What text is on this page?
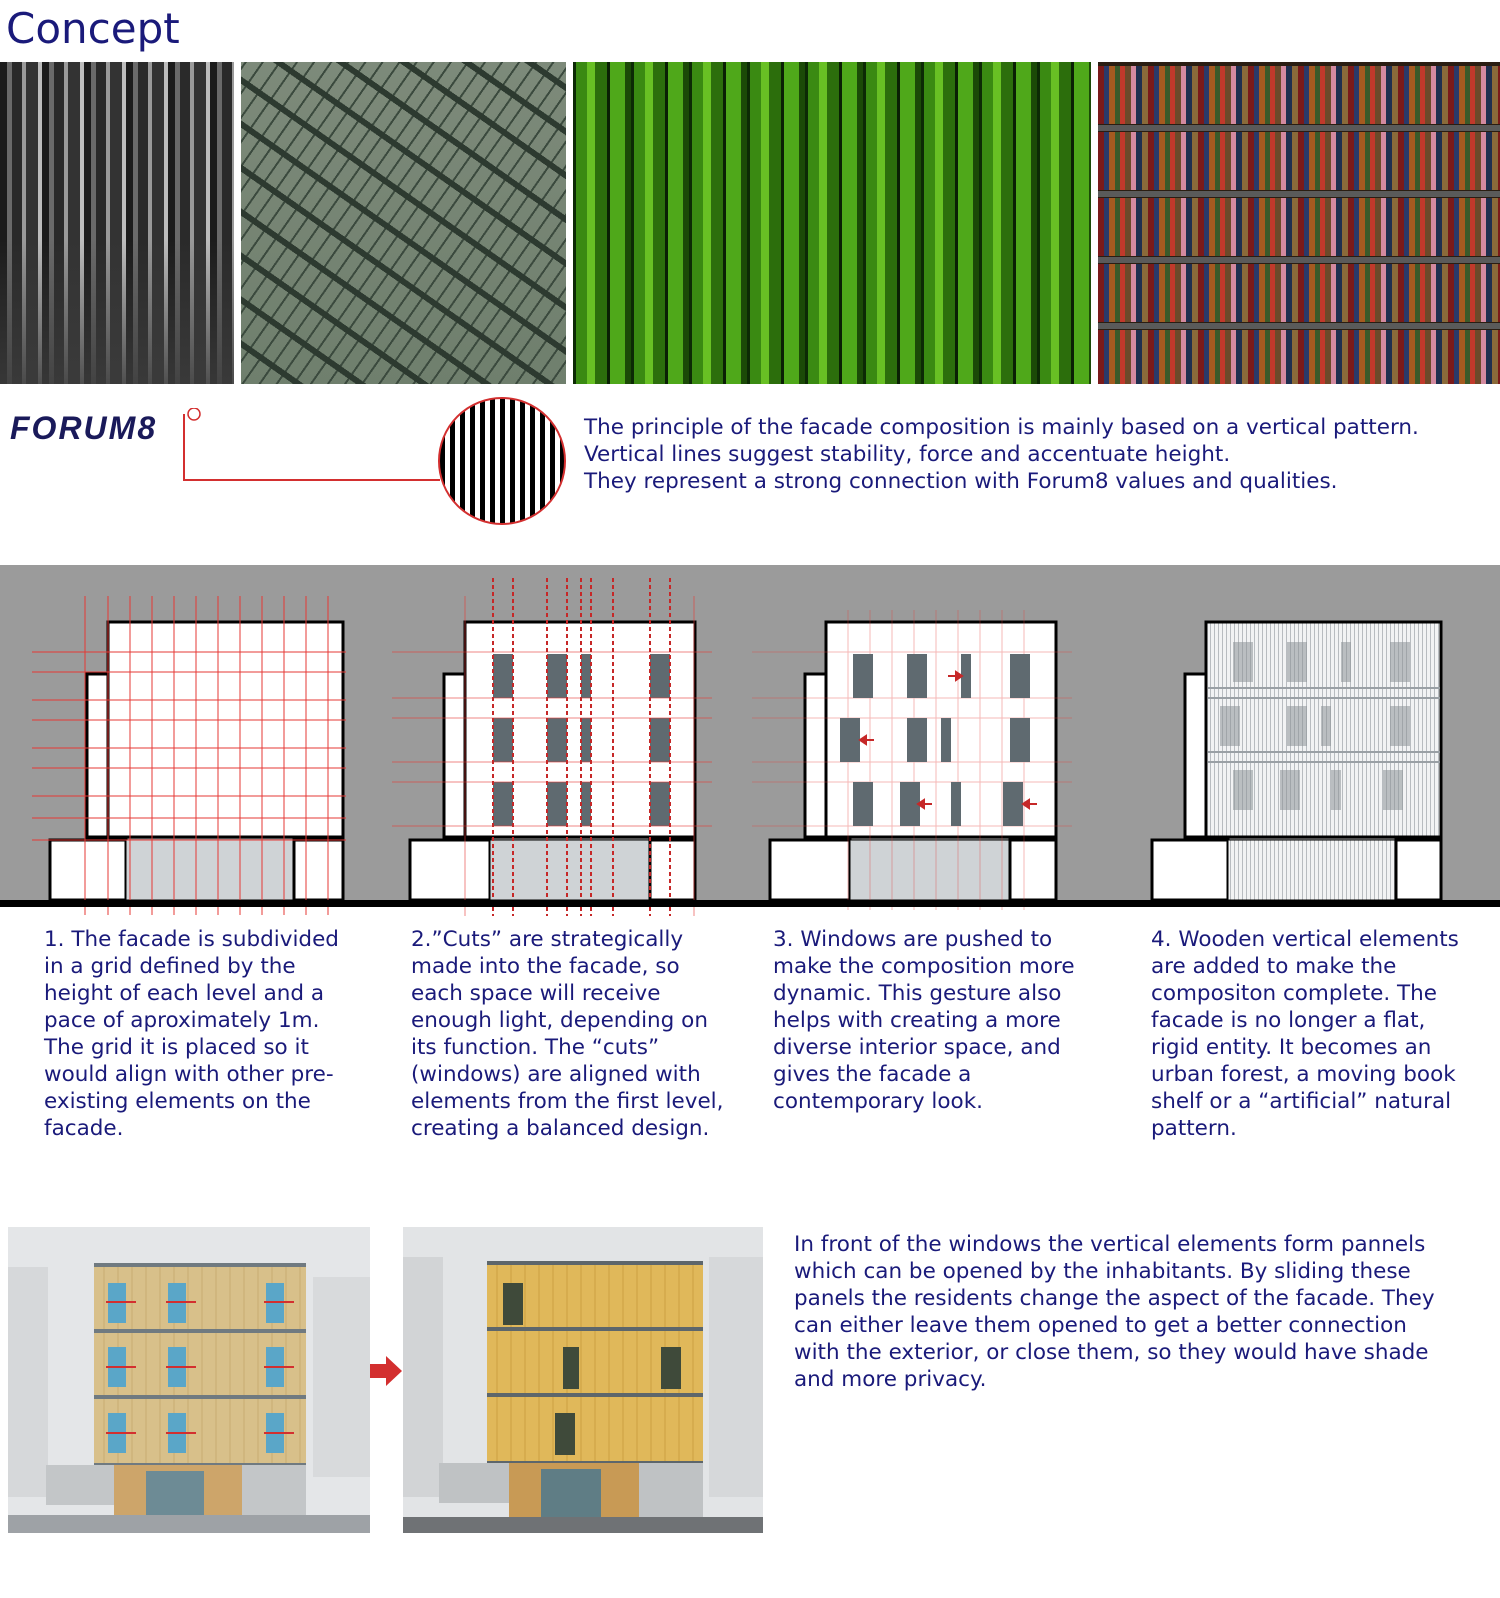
Concept
FORUM8	The principle of the facade composition is mainly based on a vertical pattern.
Vertical lines suggest stability, force and accentuate height.
They represent a strong connection with Forum8 values and qualities.
1. The facade is subdivided in a grid defined by the height of each level and a pace of aproximately 1m. The grid it is placed so it would align with other pre-existing elements on the facade.
2.”Cuts” are strategically made into the facade, so each space will receive enough light, depending on its function. The “cuts” (windows) are aligned with elements from the first level, creating a balanced design.
3. Windows are pushed to make the composition more dynamic. This gesture also helps with creating a more diverse interior space, and gives the facade a contemporary look.
4. Wooden vertical elements are added to make the compositon complete. The facade is no longer a flat, rigid entity. It becomes an urban forest, a moving book shelf or a “artificial” natural pattern.
In front of the windows the vertical elements form pannels which can be opened by the inhabitants. By sliding these panels the residents change the aspect of the facade. They can either leave them opened to get a better connection with the exterior, or close them, so they would have shade and more privacy.
